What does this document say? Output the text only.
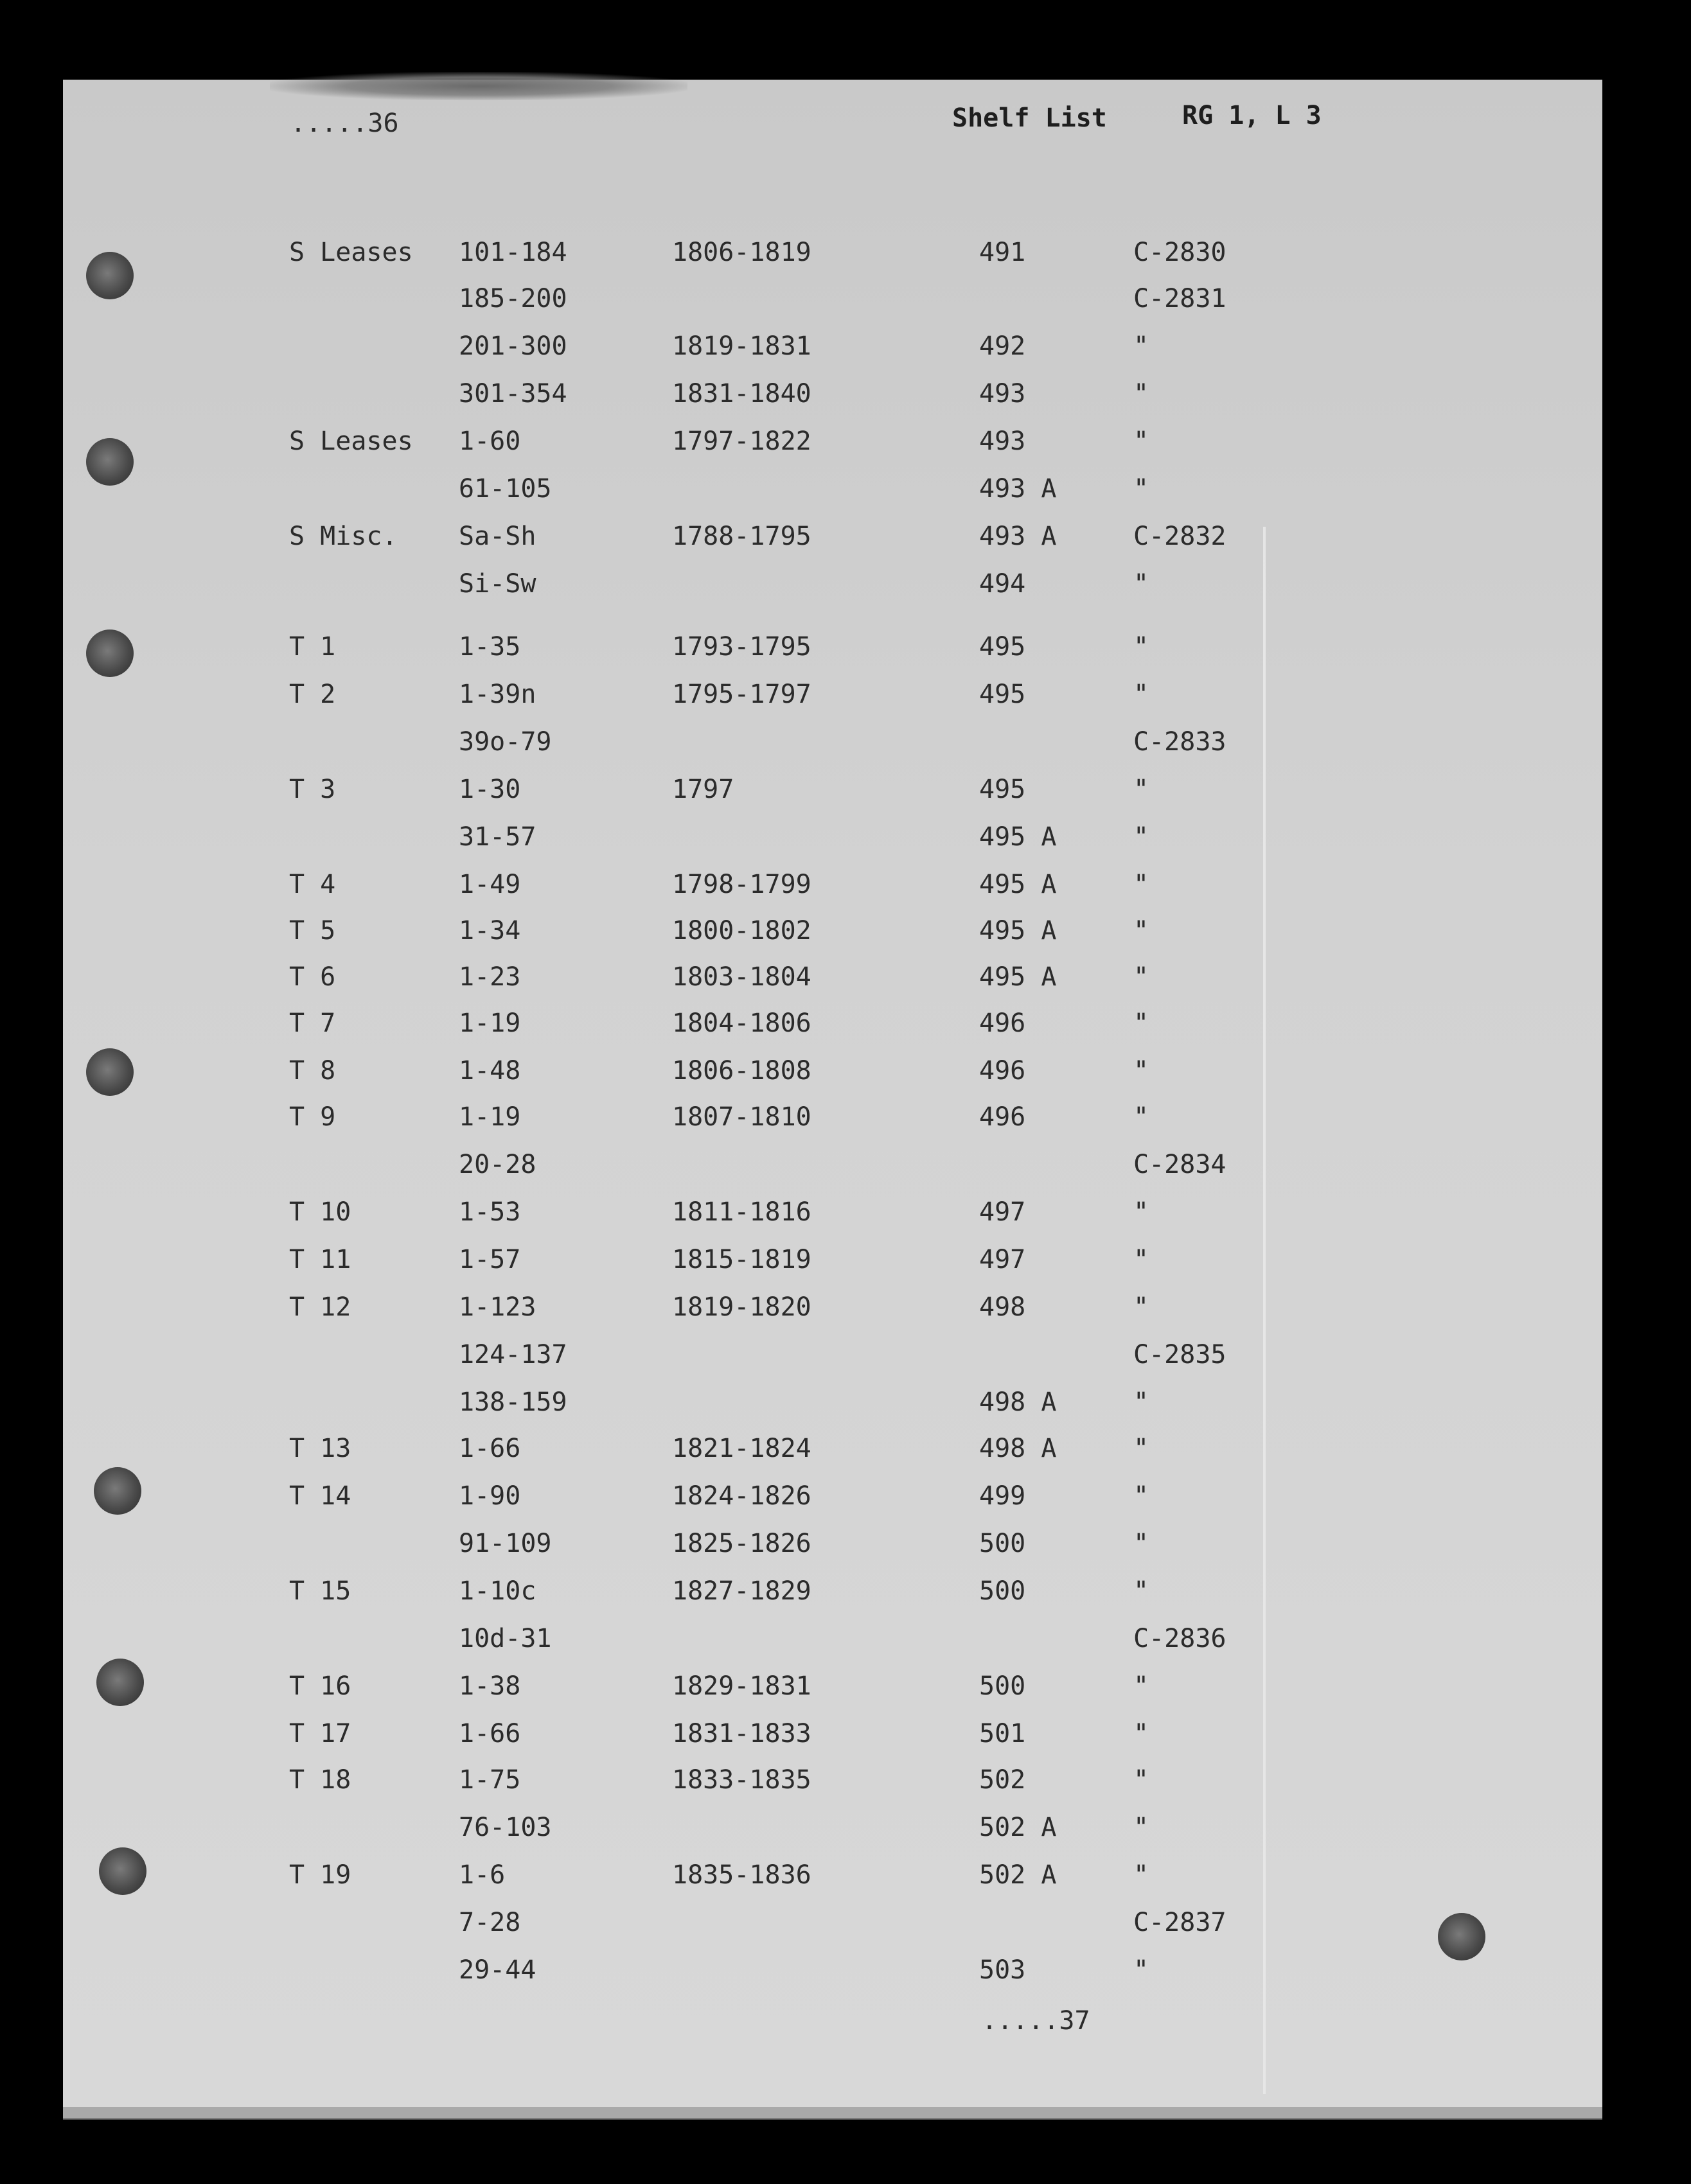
.....36	Shelf List	RG 1, L 3
S Leases 101-184	1806-1819	491	C-2830
185-200	C-2831
201-300	1819-1831	492	"
301-354	1831-1840	493	"
S Leases 1-60	1797-1822	493	"
61-105	493 A	"
S Misc. Sa-Sh	1788-1795	493 A	C-2832
Si-Sw	494	"
T 1	1-35	1793-1795	495	"
T 2	1-39n	1795-1797	495	"
39o-79	C-2833
T 3	1-30	1797	495	"
31-57	495 A	"
T 4	1-49	1798-1799	495 A	"
T 5	1-34	1800-1802	495 A	"
T 6	1-23	1803-1804	495 A	"
T 7	1-19	1804-1806	496	"
T 8	1-48	1806-1808	496	"
T 9	1-19	1807-1810	496	"
20-28	C-2834
T 10	1-53	1811-1816	497	"
T 11	1-57	1815-1819	497	"
T 12	1-123	1819-1820	498	"
124-137	C-2835
138-159	498 A	"
T 13	1-66	1821-1824	498 A	"
T 14	1-90	1824-1826	499	"
91-109	1825-1826	500	"
T 15	1-10c	1827-1829	500	"
10d-31	C-2836
T 16	1-38	1829-1831	500	"
T 17	1-66	1831-1833	501	"
T 18	1-75	1833-1835	502	"
76-103	502 A	"
T 19	1-6	1835-1836	502 A	"
7-28	C-2837
29-44	503	"
.....37
